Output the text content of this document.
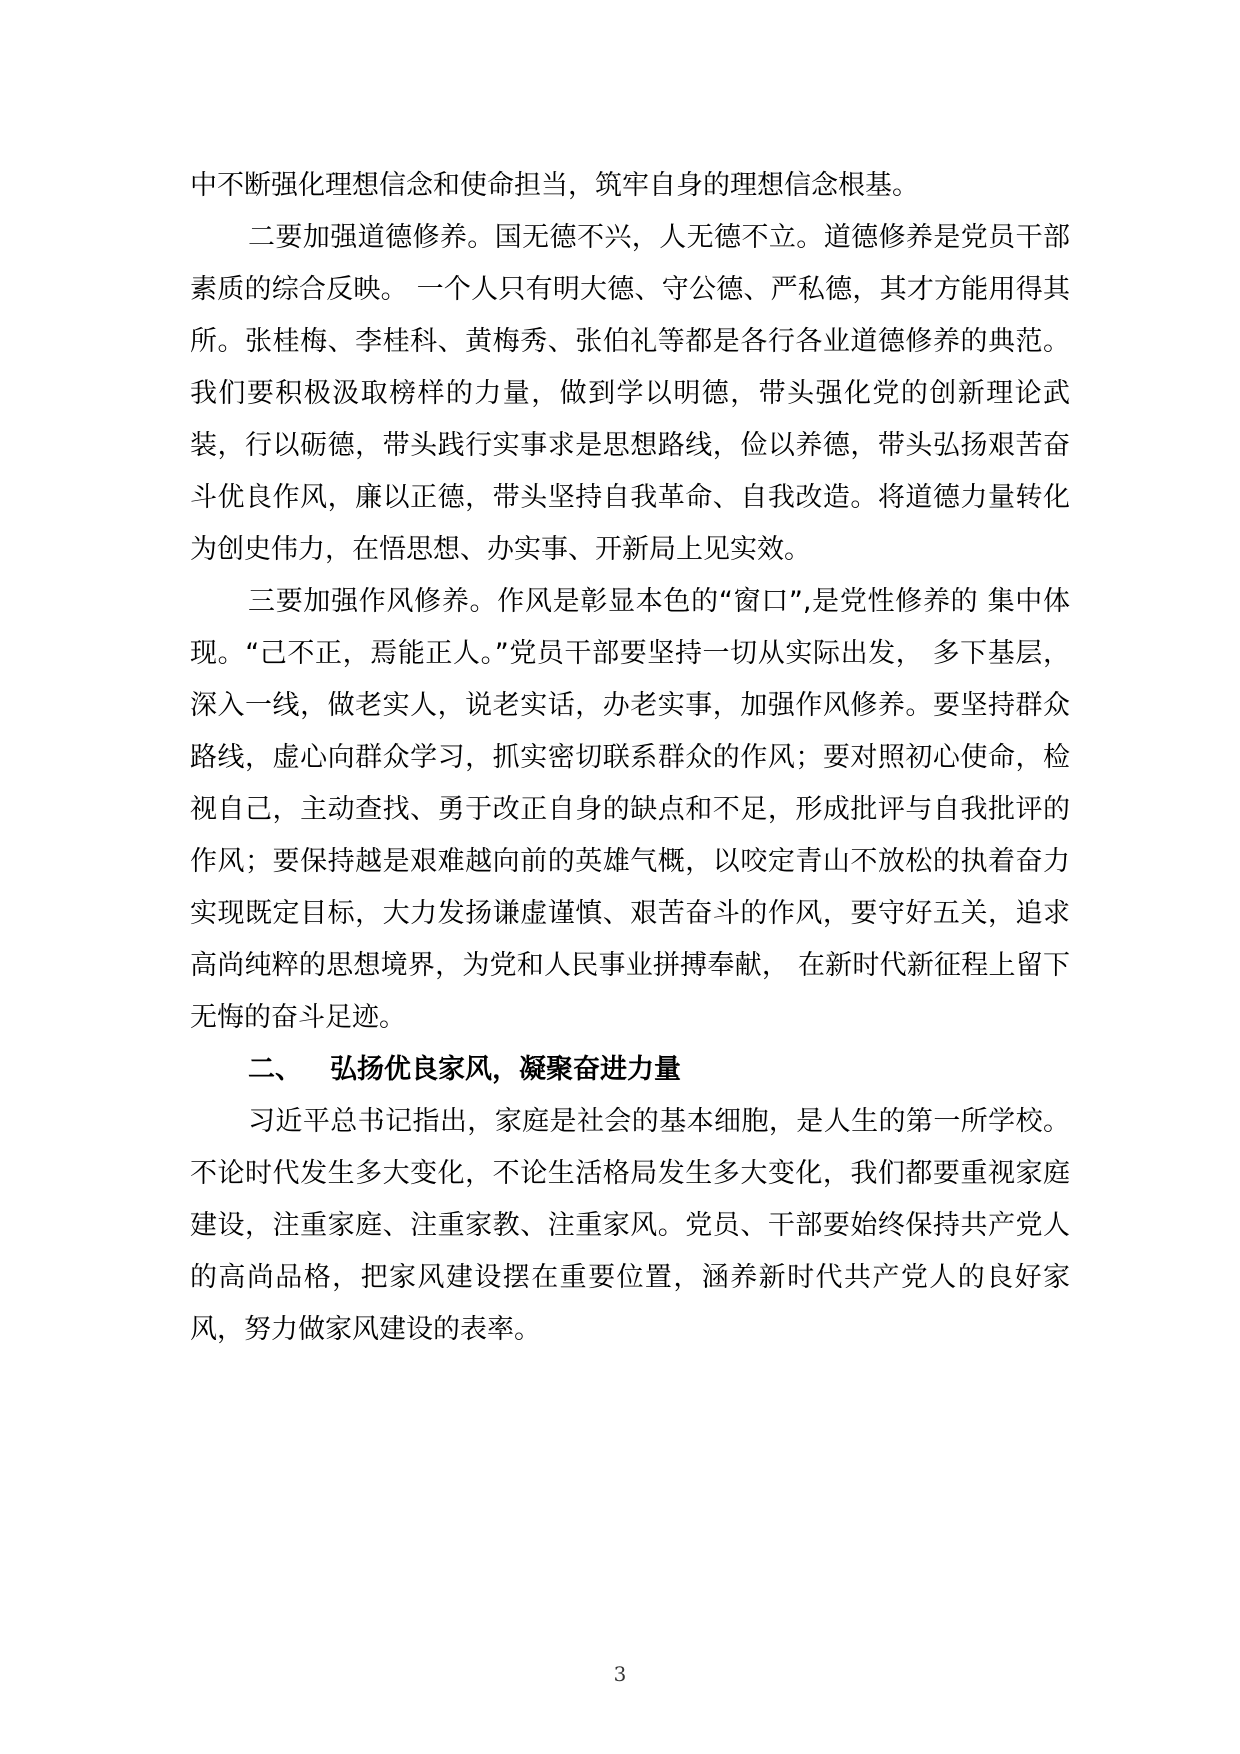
中不断强化理想信念和使命担当，筑牢自身的理想信念根基。

二要加强道德修养。国无德不兴，人无德不立。道德修养是党员干部素质的综合反映。 一个人只有明大德、守公德、严私德，其才方能用得其所。张桂梅、李桂科、黄梅秀、张伯礼等都是各行各业道德修养的典范。我们要积极汲取榜样的力量，做到学以明德，带头强化党的创新理论武装，行以砺德，带头践行实事求是思想路线，俭以养德，带头弘扬艰苦奋斗优良作风，廉以正德，带头坚持自我革命、自我改造。将道德力量转化为创史伟力，在悟思想、办实事、开新局上见实效。

三要加强作风修养。作风是彰显本色的“窗口”,是党性修养的 集中体现。“己不正，焉能正人。”党员干部要坚持一切从实际出发， 多下基层，深入一线，做老实人，说老实话，办老实事，加强作风修养。要坚持群众路线，虚心向群众学习，抓实密切联系群众的作风；要对照初心使命，检视自己，主动查找、勇于改正自身的缺点和不足，形成批评与自我批评的作风；要保持越是艰难越向前的英雄气概，以咬定青山不放松的执着奋力实现既定目标，大力发扬谦虚谨慎、艰苦奋斗的作风，要守好五关，追求高尚纯粹的思想境界，为党和人民事业拼搏奉献， 在新时代新征程上留下无悔的奋斗足迹。

二、 弘扬优良家风，凝聚奋进力量

习近平总书记指出，家庭是社会的基本细胞，是人生的第一所学校。不论时代发生多大变化，不论生活格局发生多大变化，我们都要重视家庭建设，注重家庭、注重家教、注重家风。党员、干部要始终保持共产党人的高尚品格，把家风建设摆在重要位置，涵养新时代共产党人的良好家风，努力做家风建设的表率。

3
